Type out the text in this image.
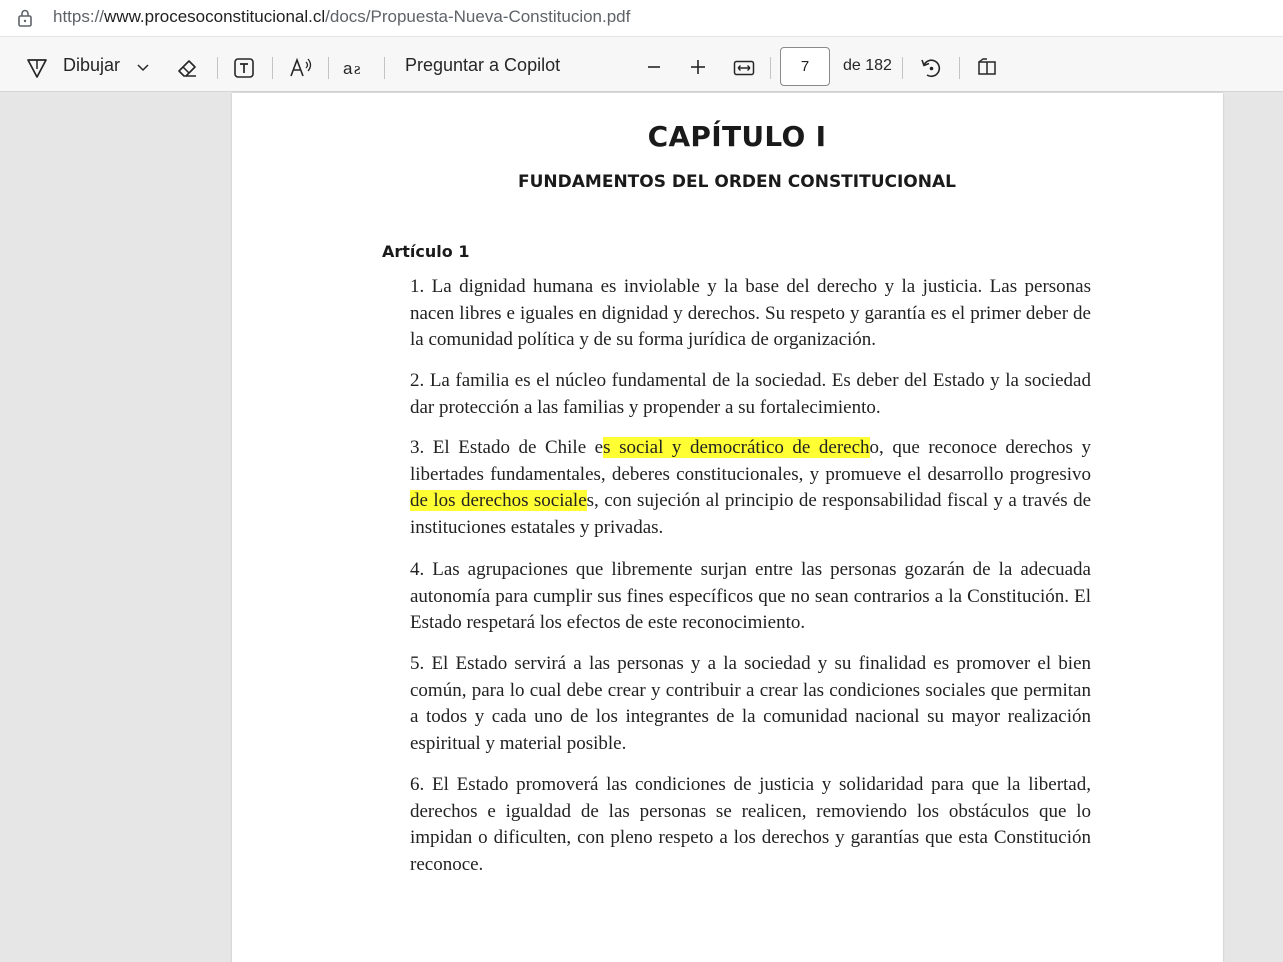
https://www.procesoconstitucional.cl/docs/Propuesta-Nueva-Constitucion.pdf
Dibujar	a ƨ Preguntar a Copilot
7	de 182
CAPÍTULO I
FUNDAMENTOS DEL ORDEN CONSTITUCIONAL
Artículo 1

1. La dignidad humana es inviolable y la base del derecho y la justicia. Las personas nacen libres e iguales en dignidad y derechos. Su respeto y garantía es el primer deber de la comunidad política y de su forma jurídica de organización.

2. La familia es el núcleo fundamental de la sociedad. Es deber del Estado y la sociedad dar protección a las familias y propender a su fortalecimiento.

3. El Estado de Chile es social y democrático de derecho, que reconoce derechos y libertades fundamentales, deberes constitucionales, y promueve el desarrollo progresivo de los derechos sociales, con sujeción al principio de responsabilidad fiscal y a través de instituciones estatales y privadas.

4. Las agrupaciones que libremente surjan entre las personas gozarán de la adecuada autonomía para cumplir sus fines específicos que no sean contrarios a la Constitución. El Estado respetará los efectos de este reconocimiento.

5. El Estado servirá a las personas y a la sociedad y su finalidad es promover el bien común, para lo cual debe crear y contribuir a crear las condiciones sociales que permitan a todos y cada uno de los integrantes de la comunidad nacional su mayor realización espiritual y material posible.

6. El Estado promoverá las condiciones de justicia y solidaridad para que la libertad, derechos e igualdad de las personas se realicen, removiendo los obstáculos que lo impidan o dificulten, con pleno respeto a los derechos y garantías que esta Constitución reconoce.
